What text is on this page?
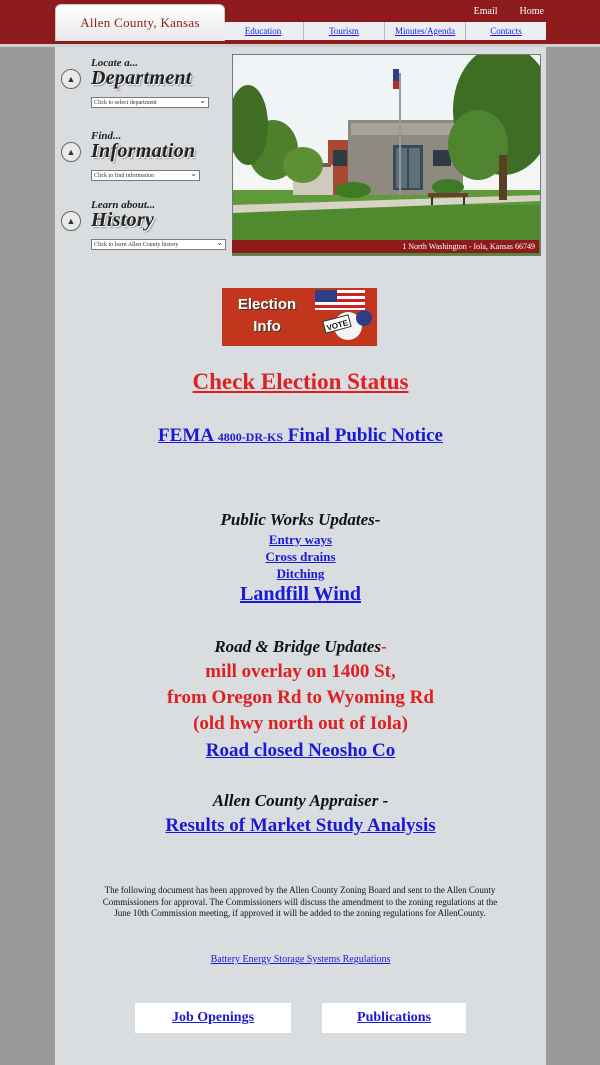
Allen County, Kansas
Email Home
Education	Tourism	Minutes/Agenda	Contacts
▲
Locate a...
Department
Click to select department ⌄
▲
Find...
Information
Click to find information ⌄
▲
Learn about...
History
Click to learn Allen County history ⌄	1 North Washington - Iola, Kansas 66749
Election
Info	VOTE
Check Election Status
FEMA 4800-DR-KS Final Public Notice
Public Works Updates-
Entry ways
Cross drains
Ditching
Landfill Wind
Road & Bridge Updates-
mill overlay on 1400 St,
from Oregon Rd to Wyoming Rd
(old hwy north out of Iola)
Road closed Neosho Co
Allen County Appraiser -
Results of Market Study Analysis
The following document has been approved by the Allen County Zoning Board and sent to the Allen County Commissioners for approval. The Commissioners will discuss the amendment to the zoning regulations at the June 10th Commission meeting, if approved it will be added to the zoning regulations for AllenCounty.
Battery Energy Storage Systems Regulations
Job Openings	Publications
